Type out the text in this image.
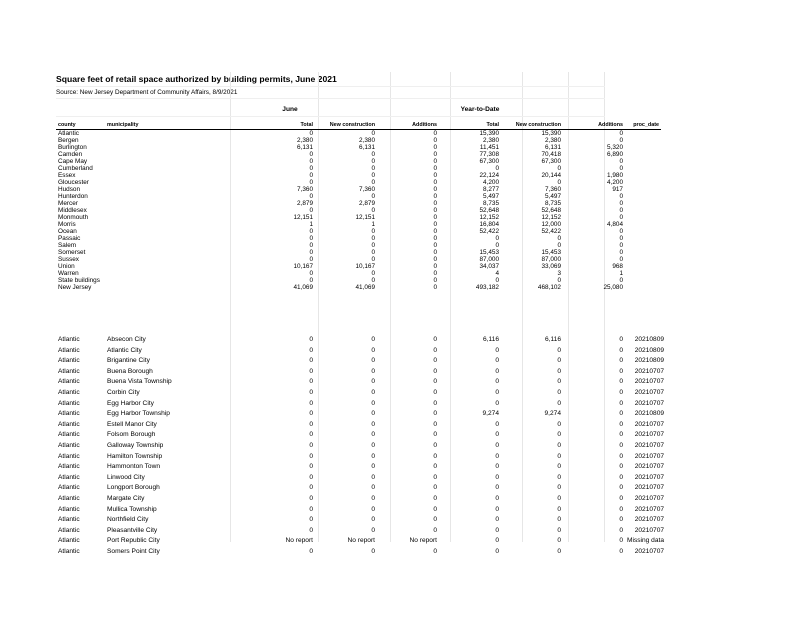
Square feet of retail space authorized by building permits, June 2021
Source: New Jersey Department of Community Affairs, 8/9/2021
June	Year-to-Date
county	municipality	Total	New construction	Additions	Total	New construction	Additions	proc_date
Atlantic		0	0	0	15,390	15,390	0	
Bergen		2,380	2,380	0	2,380	2,380	0	
Burlington		6,131	6,131	0	11,451	6,131	5,320	
Camden		0	0	0	77,308	70,418	6,890	
Cape May		0	0	0	67,300	67,300	0	
Cumberland		0	0	0	0	0	0	
Essex		0	0	0	22,124	20,144	1,980	
Gloucester		0	0	0	4,200	0	4,200	
Hudson		7,360	7,360	0	8,277	7,360	917	
Hunterdon		0	0	0	5,497	5,497	0	
Mercer		2,879	2,879	0	8,735	8,735	0	
Middlesex		0	0	0	52,648	52,648	0	
Monmouth		12,151	12,151	0	12,152	12,152	0	
Morris		1	1	0	16,804	12,000	4,804	
Ocean		0	0	0	52,422	52,422	0	
Passaic		0	0	0	0	0	0	
Salem		0	0	0	0	0	0	
Somerset		0	0	0	15,453	15,453	0	
Sussex		0	0	0	87,000	87,000	0	
Union		10,167	10,167	0	34,037	33,069	968	
Warren		0	0	0	4	3	1	
State buildings		0	0	0	0	0	0	
New Jersey		41,069	41,069	0	493,182	468,102	25,080	
Atlantic	Absecon City	0	0	0	6,116	6,116	0	20210809
Atlantic	Atlantic City	0	0	0	0	0	0	20210809
Atlantic	Brigantine City	0	0	0	0	0	0	20210809
Atlantic	Buena Borough	0	0	0	0	0	0	20210707
Atlantic	Buena Vista Township	0	0	0	0	0	0	20210707
Atlantic	Corbin City	0	0	0	0	0	0	20210707
Atlantic	Egg Harbor City	0	0	0	0	0	0	20210707
Atlantic	Egg Harbor Township	0	0	0	9,274	9,274	0	20210809
Atlantic	Estell Manor City	0	0	0	0	0	0	20210707
Atlantic	Folsom Borough	0	0	0	0	0	0	20210707
Atlantic	Galloway Township	0	0	0	0	0	0	20210707
Atlantic	Hamilton Township	0	0	0	0	0	0	20210707
Atlantic	Hammonton Town	0	0	0	0	0	0	20210707
Atlantic	Linwood City	0	0	0	0	0	0	20210707
Atlantic	Longport Borough	0	0	0	0	0	0	20210707
Atlantic	Margate City	0	0	0	0	0	0	20210707
Atlantic	Mullica Township	0	0	0	0	0	0	20210707
Atlantic	Northfield City	0	0	0	0	0	0	20210707
Atlantic	Pleasantville City	0	0	0	0	0	0	20210707
Atlantic	Port Republic City	No report	No report	No report	0	0	0	Missing data
Atlantic	Somers Point City	0	0	0	0	0	0	20210707
